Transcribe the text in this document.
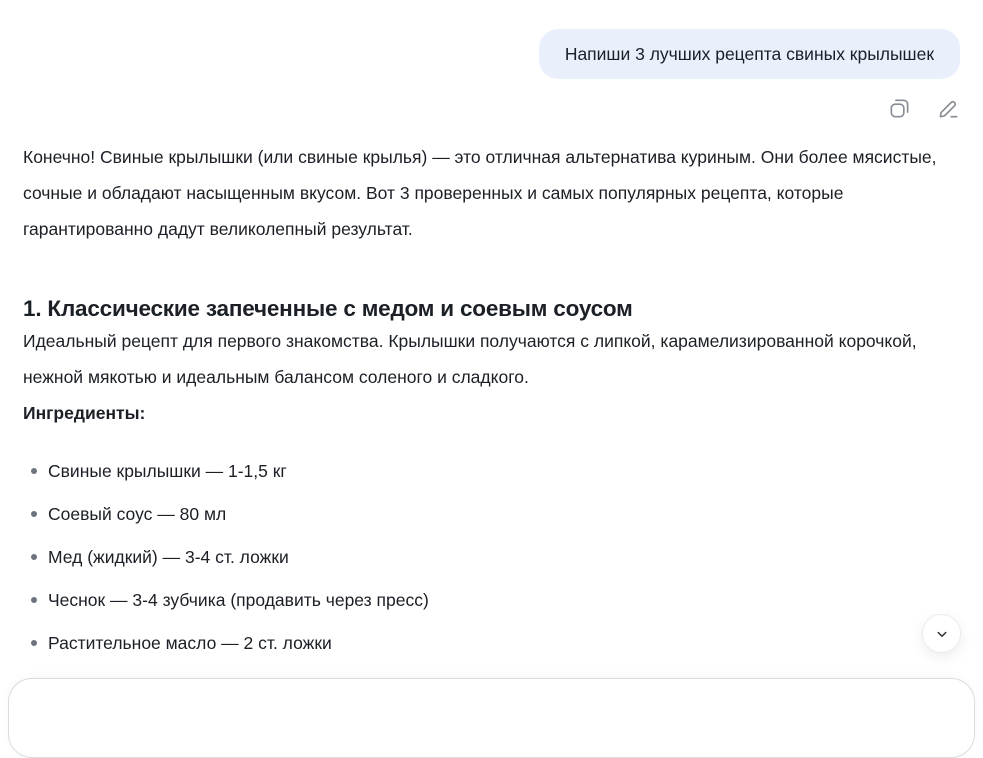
Напиши 3 лучших рецепта свиных крылышек

Конечно! Свиные крылышки (или свиные крылья) — это отличная альтернатива куриным. Они более мясистые, сочные и обладают насыщенным вкусом. Вот 3 проверенных и самых популярных рецепта, которые гарантированно дадут великолепный результат.

1. Классические запеченные с медом и соевым соусом

Идеальный рецепт для первого знакомства. Крылышки получаются с липкой, карамелизированной корочкой, нежной мякотью и идеальным балансом соленого и сладкого.

Ингредиенты:

Свиные крылышки — 1-1,5 кг
Соевый соус — 80 мл
Мед (жидкий) — 3-4 ст. ложки
Чеснок — 3-4 зубчика (продавить через пресс)
Растительное масло — 2 ст. ложки
